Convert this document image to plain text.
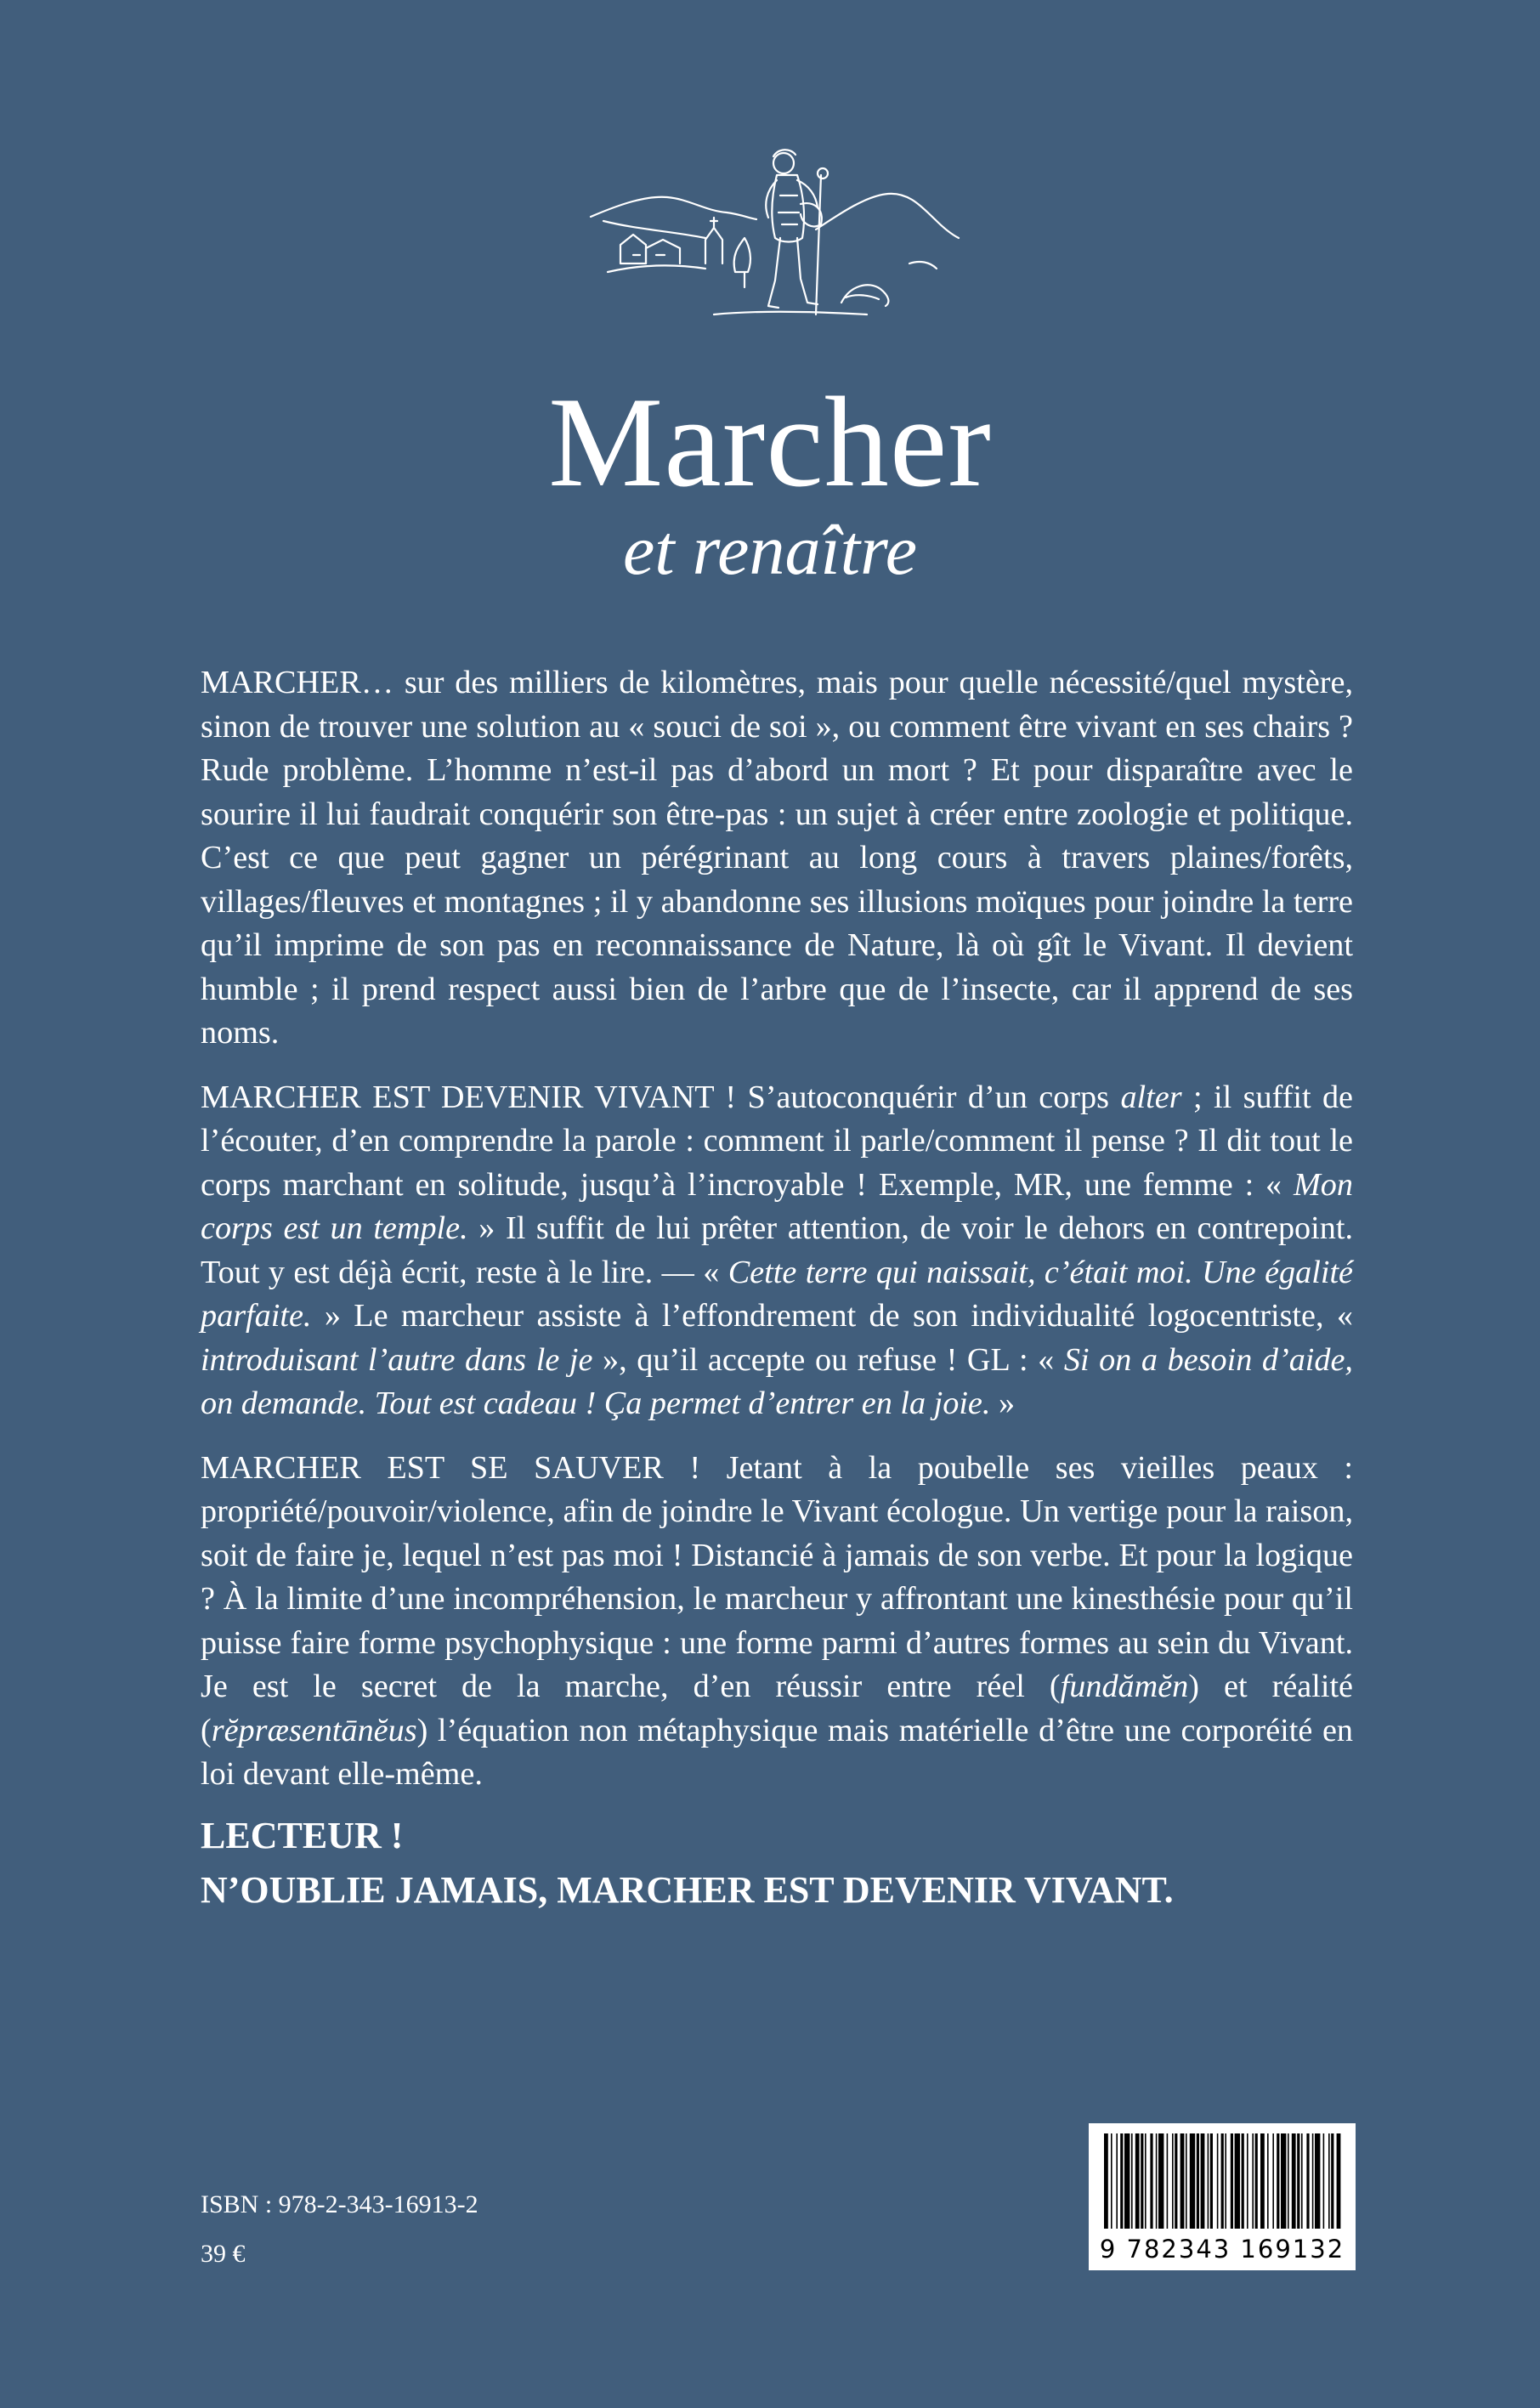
Marcher
et renaître

MARCHER… sur des milliers de kilomètres, mais pour quelle nécessité/quel mystère, sinon de trouver une solution au « souci de soi », ou comment être vivant en ses chairs ? Rude problème. L’homme n’est-il pas d’abord un mort ? Et pour disparaître avec le sourire il lui faudrait conquérir son être-pas : un sujet à créer entre zoologie et politique. C’est ce que peut gagner un pérégrinant au long cours à travers plaines/forêts, villages/fleuves et montagnes ; il y abandonne ses illusions moïques pour joindre la terre qu’il imprime de son pas en reconnaissance de Nature, là où gît le Vivant. Il devient humble ; il prend respect aussi bien de l’arbre que de l’insecte, car il apprend de ses noms.

MARCHER EST DEVENIR VIVANT ! S’autoconquérir d’un corps alter ; il suffit de l’écouter, d’en comprendre la parole : comment il parle/comment il pense ? Il dit tout le corps marchant en solitude, jusqu’à l’incroyable ! Exemple, MR, une femme : « Mon corps est un temple. » Il suffit de lui prêter attention, de voir le dehors en contrepoint. Tout y est déjà écrit, reste à le lire. — « Cette terre qui naissait, c’était moi. Une égalité parfaite. » Le marcheur assiste à l’effondrement de son individualité logocentriste, « introduisant l’autre dans le je », qu’il accepte ou refuse ! GL : « Si on a besoin d’aide, on demande. Tout est cadeau ! Ça permet d’entrer en la joie. »

MARCHER EST SE SAUVER ! Jetant à la poubelle ses vieilles peaux : propriété/pouvoir/violence, afin de joindre le Vivant écologue. Un vertige pour la raison, soit de faire je, lequel n’est pas moi ! Distancié à jamais de son verbe. Et pour la logique ? À la limite d’une incompréhension, le marcheur y affrontant une kinesthésie pour qu’il puisse faire forme psychophysique : une forme parmi d’autres formes au sein du Vivant. Je est le secret de la marche, d’en réussir entre réel (fundămĕn) et réalité (rĕpræsentānĕus) l’équation non métaphysique mais matérielle d’être une corporéité en loi devant elle-même.

LECTEUR !
N’OUBLIE JAMAIS, MARCHER EST DEVENIR VIVANT.
ISBN : 978-2-343-16913-2
39 €	9 782343 169132
